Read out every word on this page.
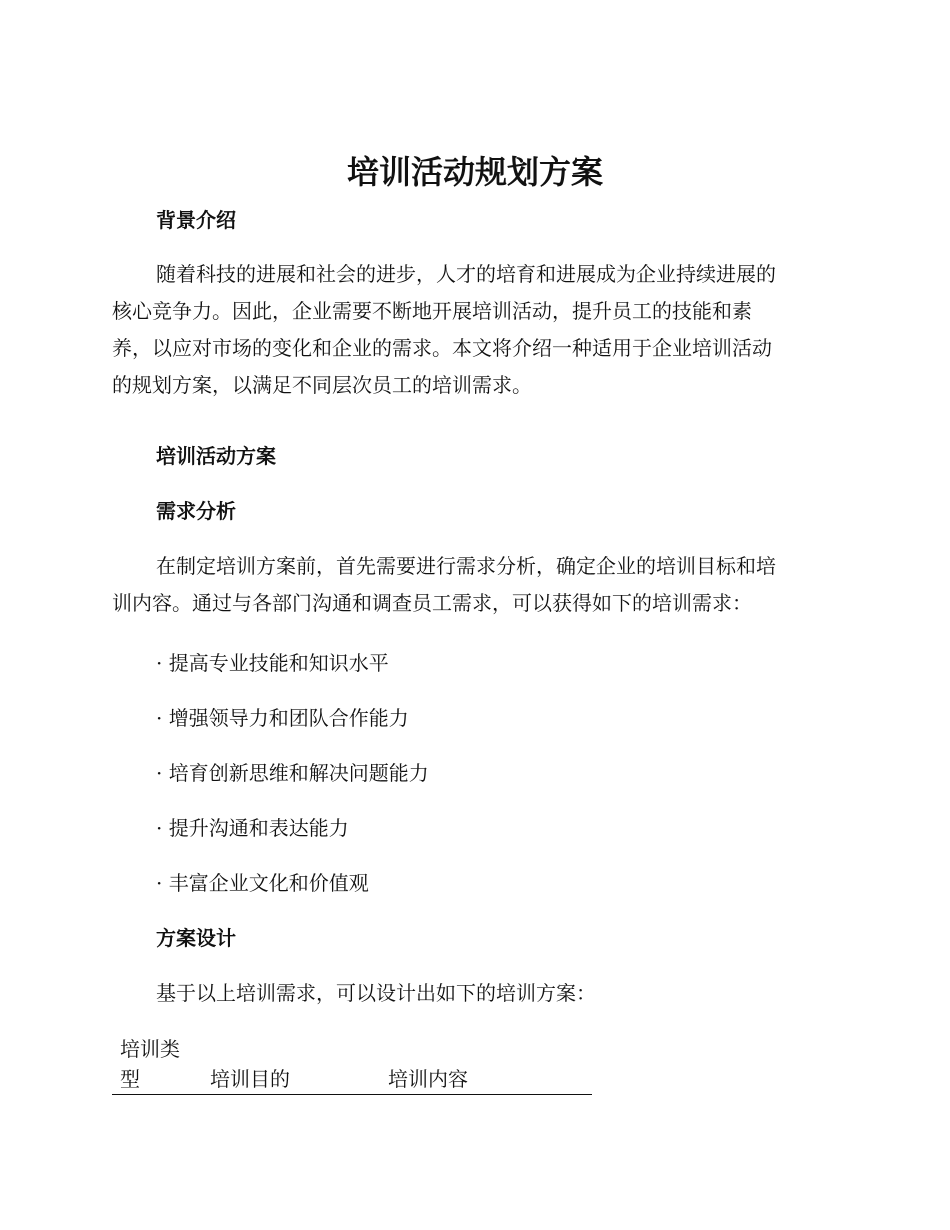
培训活动规划方案
背景介绍

随着科技的进展和社会的进步，人才的培育和进展成为企业持续进展的
核心竞争力。因此，企业需要不断地开展培训活动，提升员工的技能和素
养，以应对市场的变化和企业的需求。本文将介绍一种适用于企业培训活动
的规划方案，以满足不同层次员工的培训需求。

培训活动方案
需求分析

在制定培训方案前，首先需要进行需求分析，确定企业的培训目标和培
训内容。通过与各部门沟通和调查员工需求，可以获得如下的培训需求：

· 提高专业技能和知识水平

· 增强领导力和团队合作能力

· 培育创新思维和解决问题能力

· 提升沟通和表达能力

· 丰富企业文化和价值观

方案设计

基于以上培训需求，可以设计出如下的培训方案：

培训类型	培训目的	培训内容
